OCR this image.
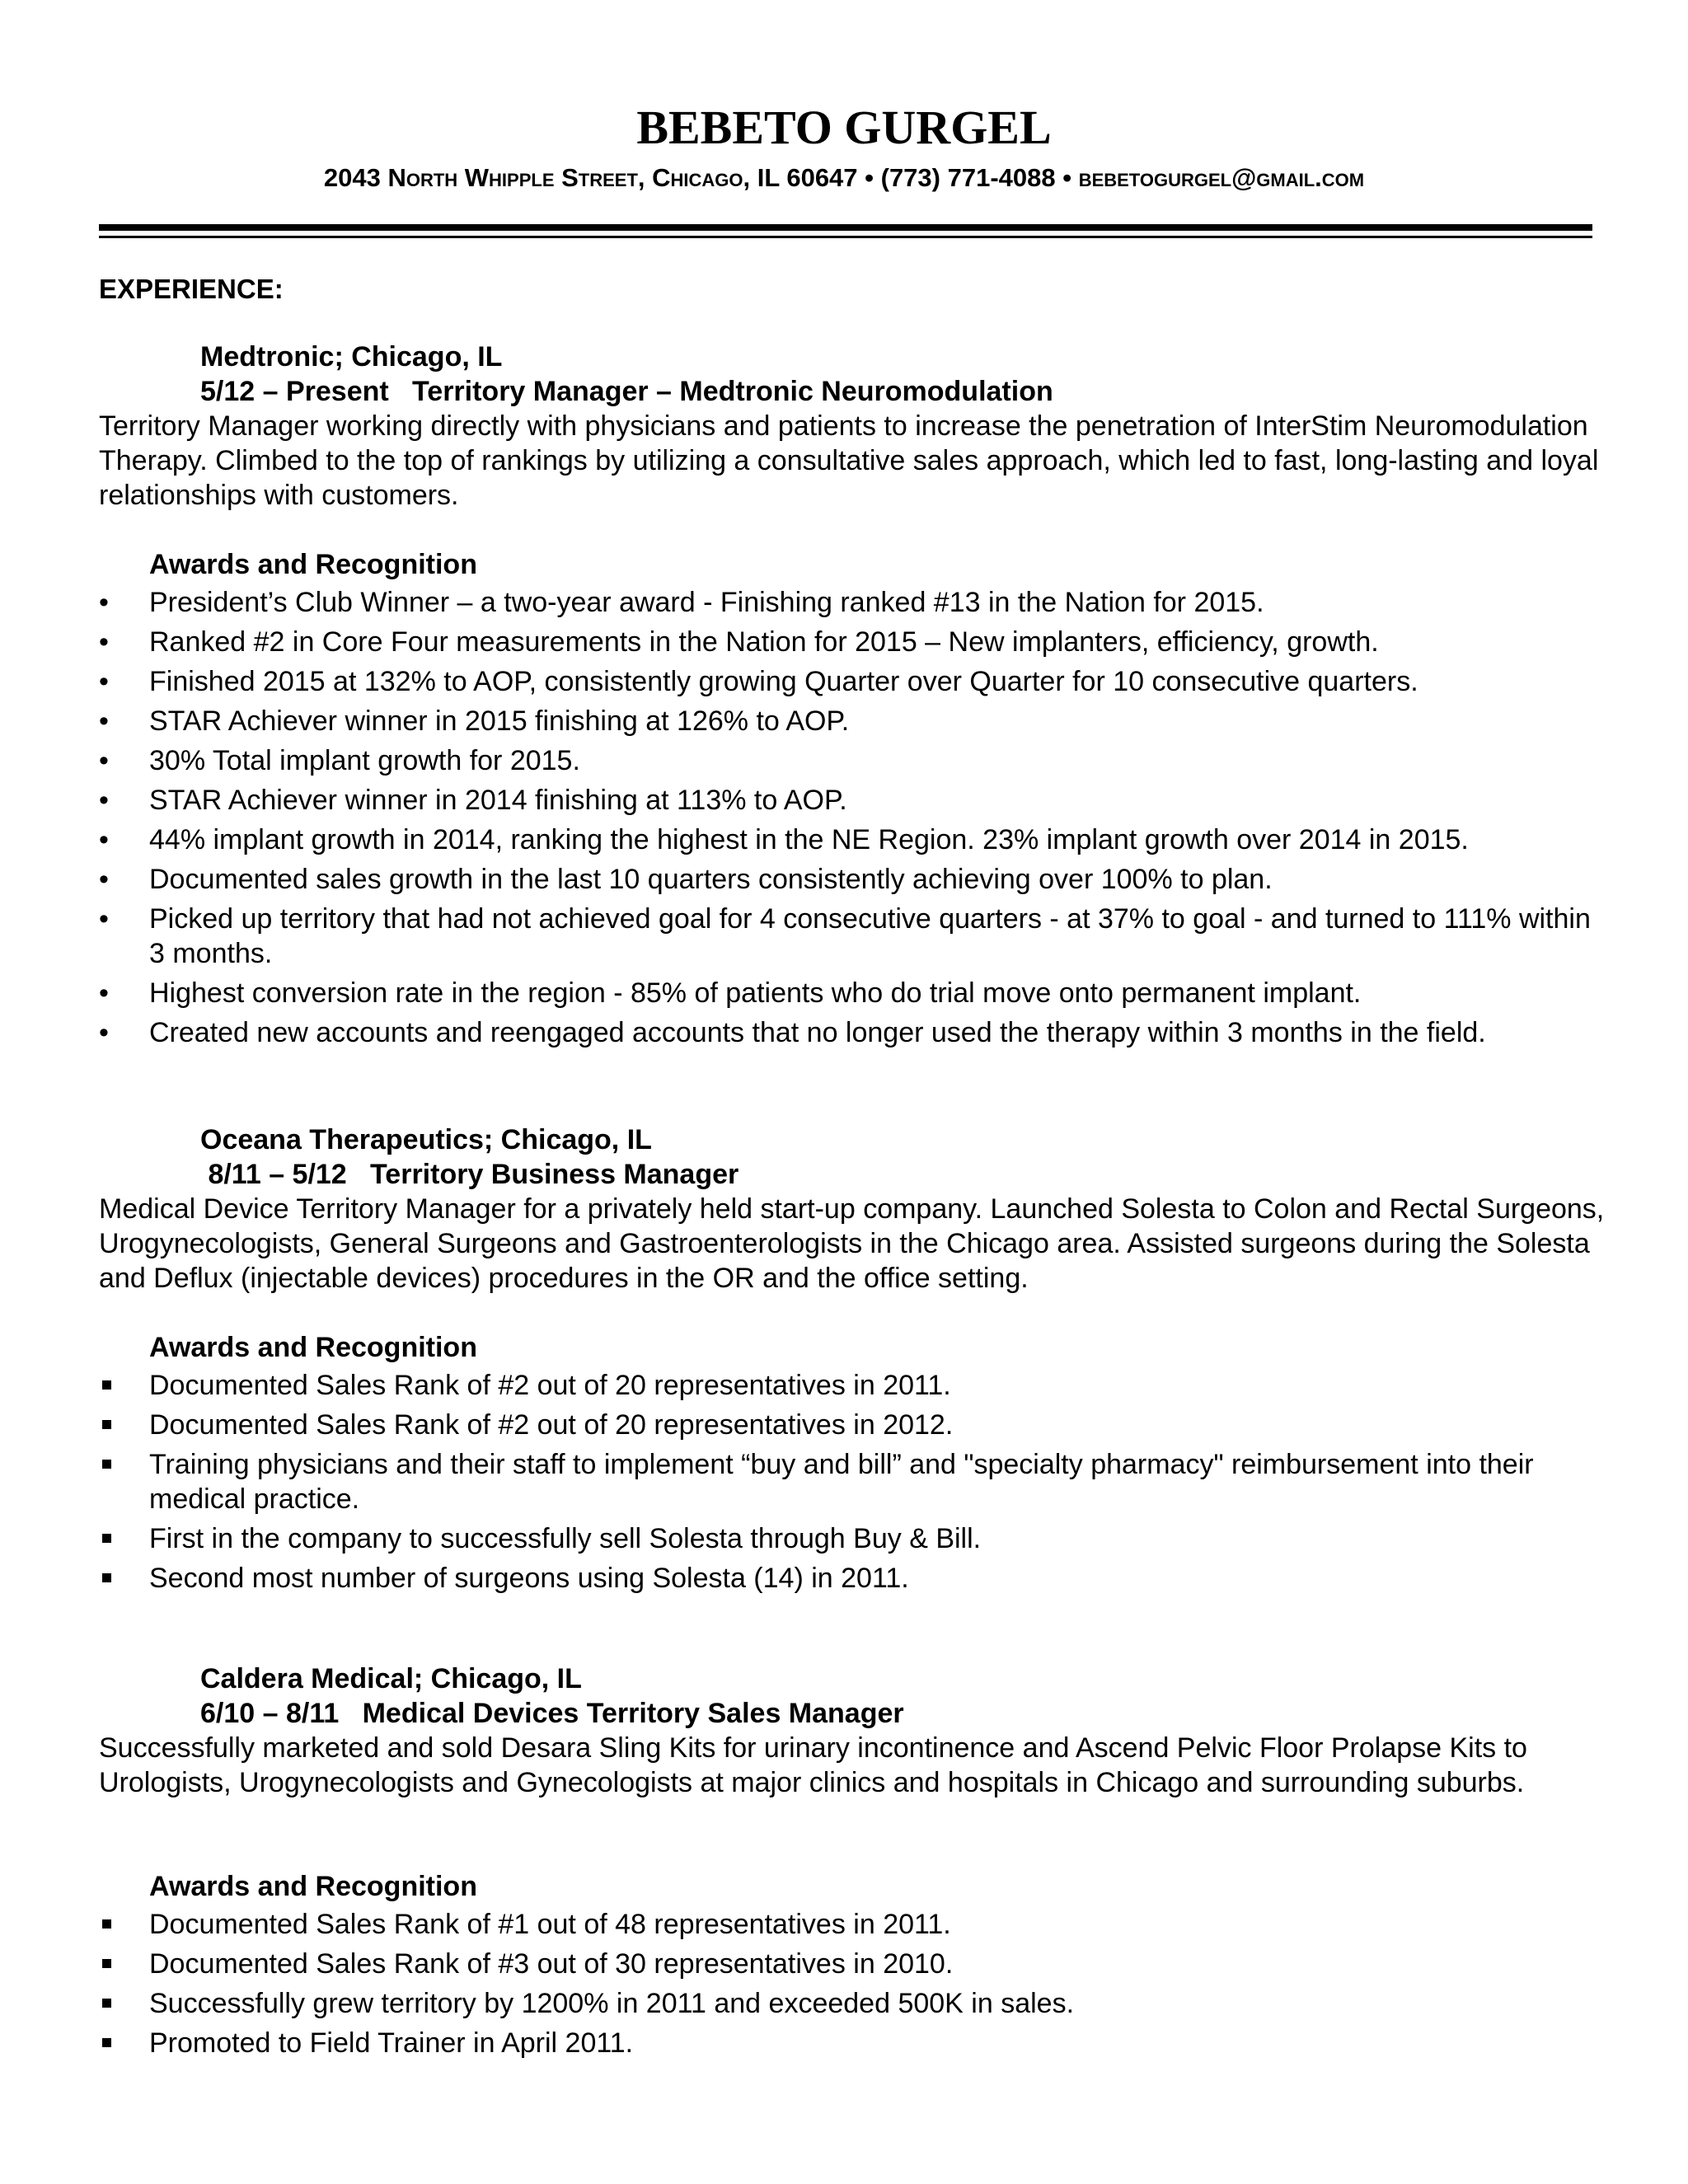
BEBETO GURGEL
2043 North Whipple Street, Chicago, IL 60647 • (773) 771-4088 • bebetogurgel@gmail.com
EXPERIENCE:
Medtronic; Chicago, IL
5/12 – Present   Territory Manager – Medtronic Neuromodulation
Territory Manager working directly with physicians and patients to increase the penetration of InterStim Neuromodulation Therapy. Climbed to the top of rankings by utilizing a consultative sales approach, which led to fast, long-lasting and loyal relationships with customers.
Awards and Recognition
•
President’s Club Winner – a two-year award - Finishing ranked #13 in the Nation for 2015.
•
Ranked #2 in Core Four measurements in the Nation for 2015 – New implanters, efficiency, growth.
•
Finished 2015 at 132% to AOP, consistently growing Quarter over Quarter for 10 consecutive quarters.
•
STAR Achiever winner in 2015 finishing at 126% to AOP.
•
30% Total implant growth for 2015.
•
STAR Achiever winner in 2014 finishing at 113% to AOP.
•
44% implant growth in 2014, ranking the highest in the NE Region. 23% implant growth over 2014 in 2015.
•
Documented sales growth in the last 10 quarters consistently achieving over 100% to plan.
•
Picked up territory that had not achieved goal for 4 consecutive quarters - at 37% to goal - and turned to 111% within 3 months.
•
Highest conversion rate in the region - 85% of patients who do trial move onto permanent implant.
•
Created new accounts and reengaged accounts that no longer used the therapy within 3 months in the field.
Oceana Therapeutics; Chicago, IL
8/11 – 5/12   Territory Business Manager
Medical Device Territory Manager for a privately held start-up company. Launched Solesta to Colon and Rectal Surgeons, Urogynecologists, General Surgeons and Gastroenterologists in the Chicago area. Assisted surgeons during the Solesta and Deflux (injectable devices) procedures in the OR and the office setting.
Awards and Recognition
Documented Sales Rank of #2 out of 20 representatives in 2011.
Documented Sales Rank of #2 out of 20 representatives in 2012.
Training physicians and their staff to implement “buy and bill” and "specialty pharmacy" reimbursement into their medical practice.
First in the company to successfully sell Solesta through Buy & Bill.
Second most number of surgeons using Solesta (14) in 2011.
Caldera Medical; Chicago, IL
6/10 – 8/11   Medical Devices Territory Sales Manager
Successfully marketed and sold Desara Sling Kits for urinary incontinence and Ascend Pelvic Floor Prolapse Kits to Urologists, Urogynecologists and Gynecologists at major clinics and hospitals in Chicago and surrounding suburbs.
Awards and Recognition
Documented Sales Rank of #1 out of 48 representatives in 2011.
Documented Sales Rank of #3 out of 30 representatives in 2010.
Successfully grew territory by 1200% in 2011 and exceeded 500K in sales.
Promoted to Field Trainer in April 2011.
